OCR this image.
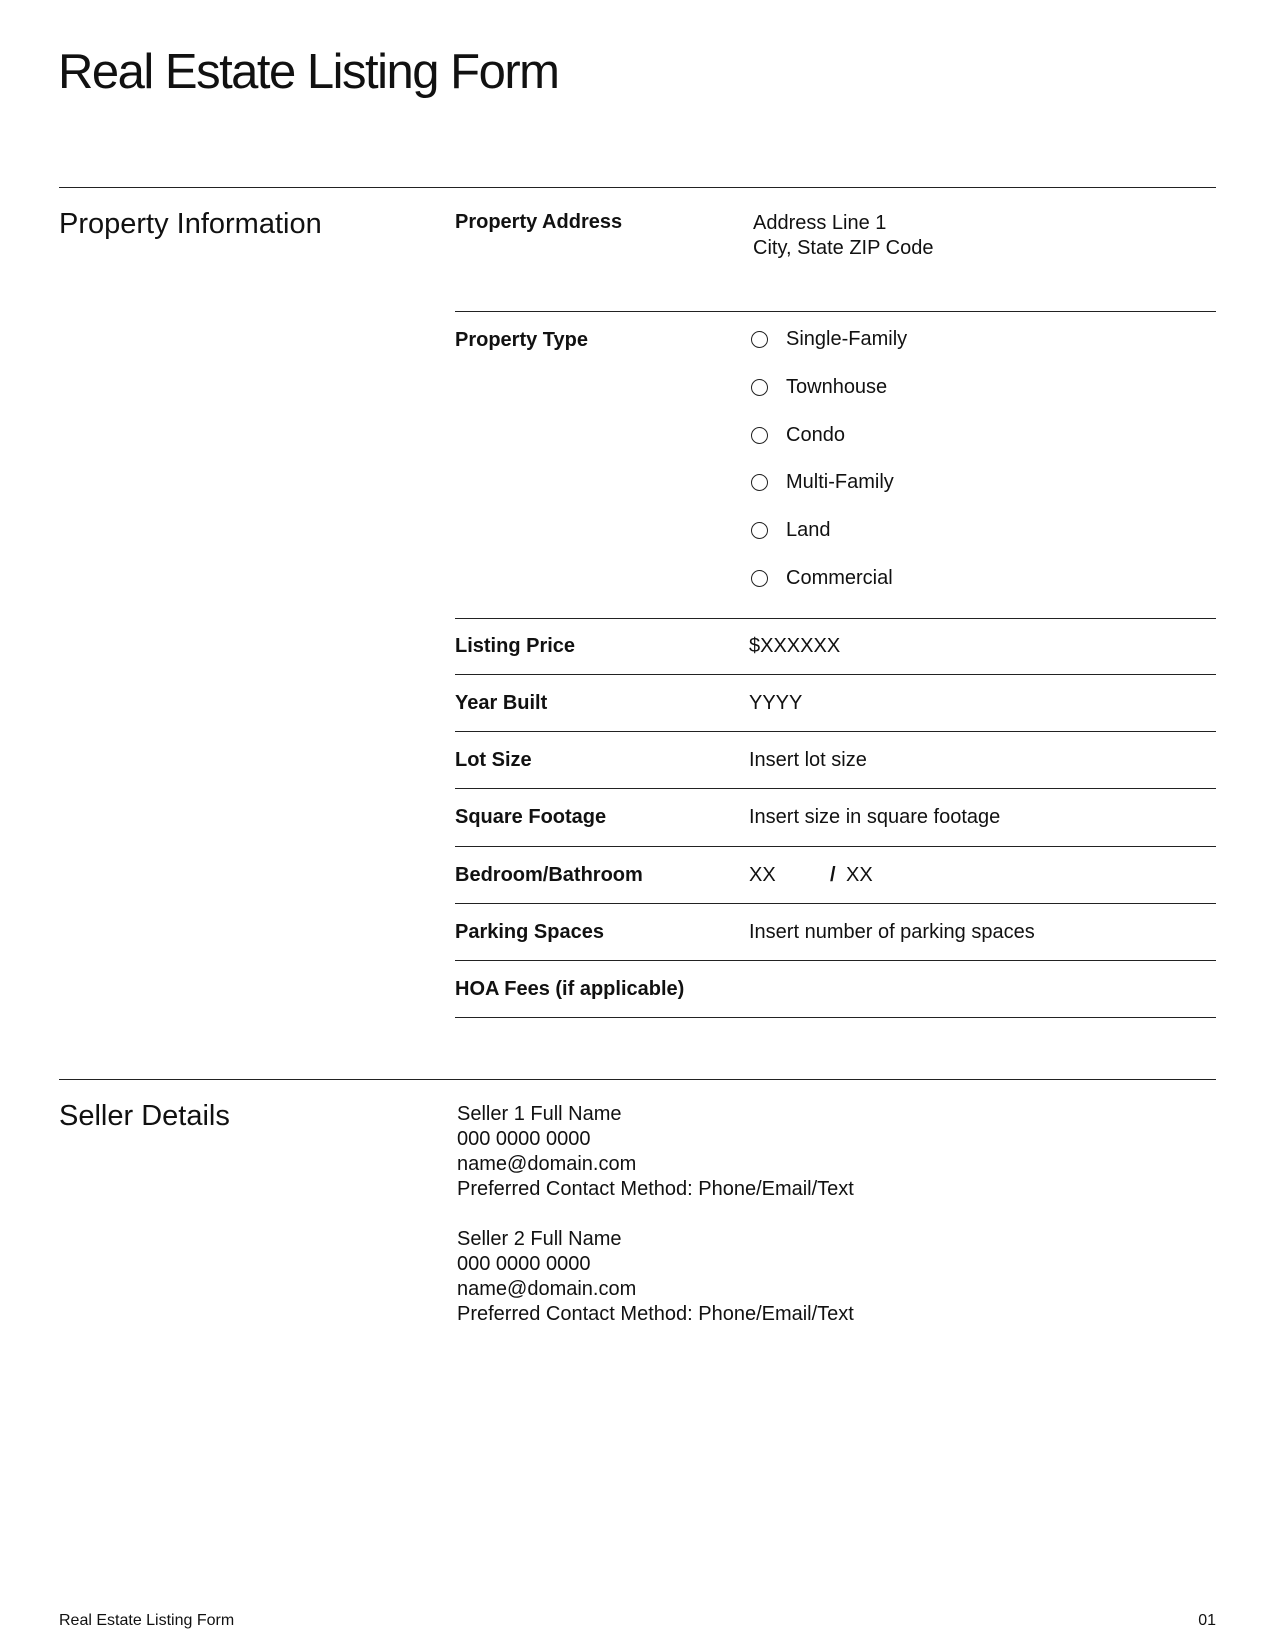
Real Estate Listing Form
Property Information	Property Address	Address Line 1
City, State ZIP Code
Property Type	Single-Family
Townhouse
Condo
Multi-Family
Land
Commercial
Listing Price	$XXXXXX
Year Built	YYYY
Lot Size	Insert lot size
Square Footage	Insert size in square footage
Bedroom/Bathroom	XX	/ XX
Parking Spaces	Insert number of parking spaces
HOA Fees (if applicable)
Seller Details	Seller 1 Full Name
000 0000 0000
name@domain.com
Preferred Contact Method: Phone/Email/Text
Seller 2 Full Name
000 0000 0000
name@domain.com
Preferred Contact Method: Phone/Email/Text
Real Estate Listing Form	01
